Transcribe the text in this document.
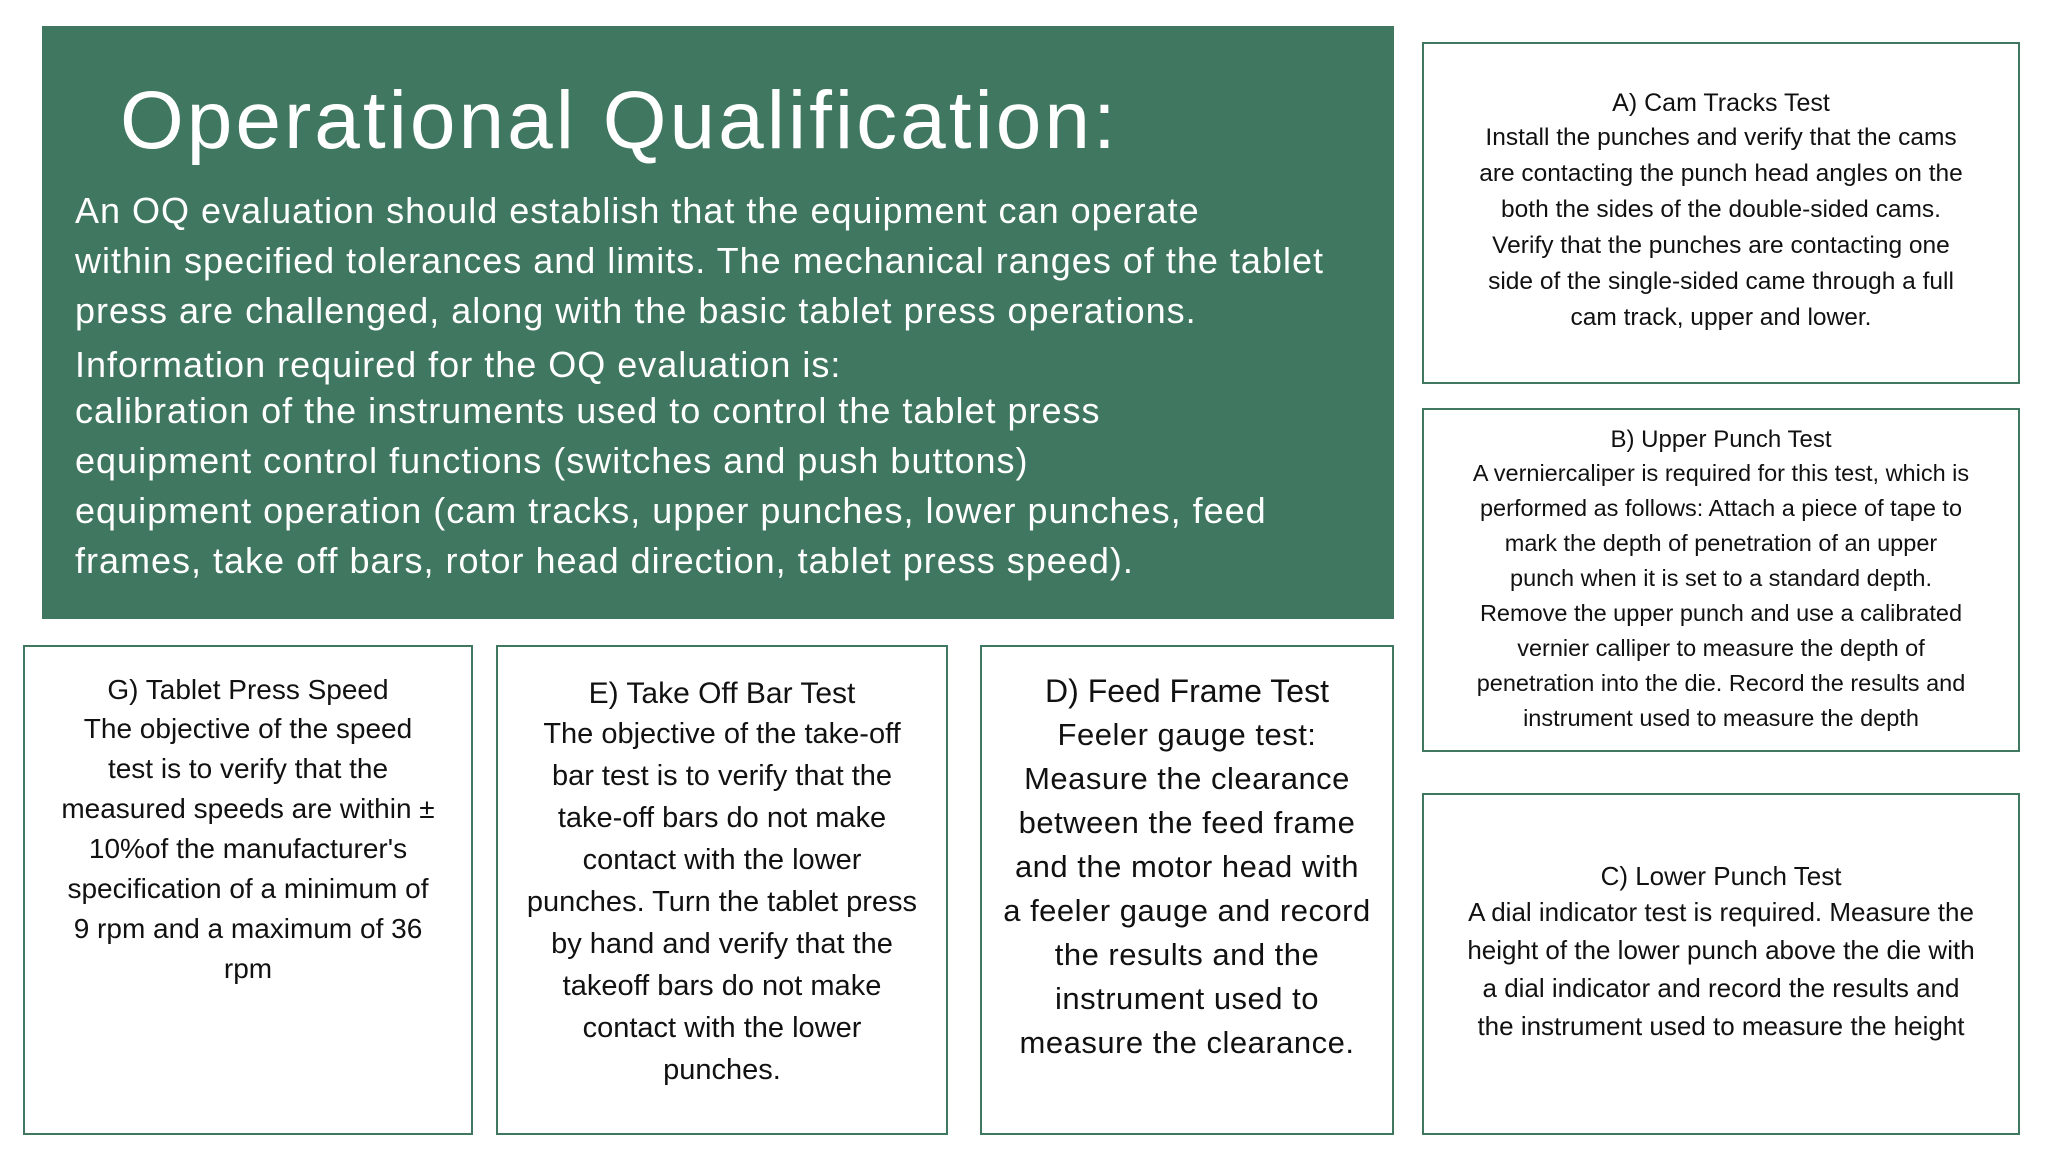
Operational Qualification:

An OQ evaluation should establish that the equipment can operate

within specified tolerances and limits. The mechanical ranges of the tablet

press are challenged, along with the basic tablet press operations.

Information required for the OQ evaluation is:

calibration of the instruments used to control the tablet press

equipment control functions (switches and push buttons)

equipment operation (cam tracks, upper punches, lower punches, feed

frames, take off bars, rotor head direction, tablet press speed).

A) Cam Tracks Test

Install the punches and verify that the cams

are contacting the punch head angles on the

both the sides of the double-sided cams.

Verify that the punches are contacting one

side of the single-sided came through a full

cam track, upper and lower.

B) Upper Punch Test

A verniercaliper is required for this test, which is

performed as follows: Attach a piece of tape to

mark the depth of penetration of an upper

punch when it is set to a standard depth.

Remove the upper punch and use a calibrated

vernier calliper to measure the depth of

penetration into the die. Record the results and

instrument used to measure the depth

C) Lower Punch Test

A dial indicator test is required. Measure the

height of the lower punch above the die with

a dial indicator and record the results and

the instrument used to measure the height

G) Tablet Press Speed

The objective of the speed

test is to verify that the

measured speeds are within ±

10%of the manufacturer's

specification of a minimum of

9 rpm and a maximum of 36

rpm

E) Take Off Bar Test

The objective of the take-off

bar test is to verify that the

take-off bars do not make

contact with the lower

punches. Turn the tablet press

by hand and verify that the

takeoff bars do not make

contact with the lower

punches.

D) Feed Frame Test

Feeler gauge test:

Measure the clearance

between the feed frame

and the motor head with

a feeler gauge and record

the results and the

instrument used to

measure the clearance.
